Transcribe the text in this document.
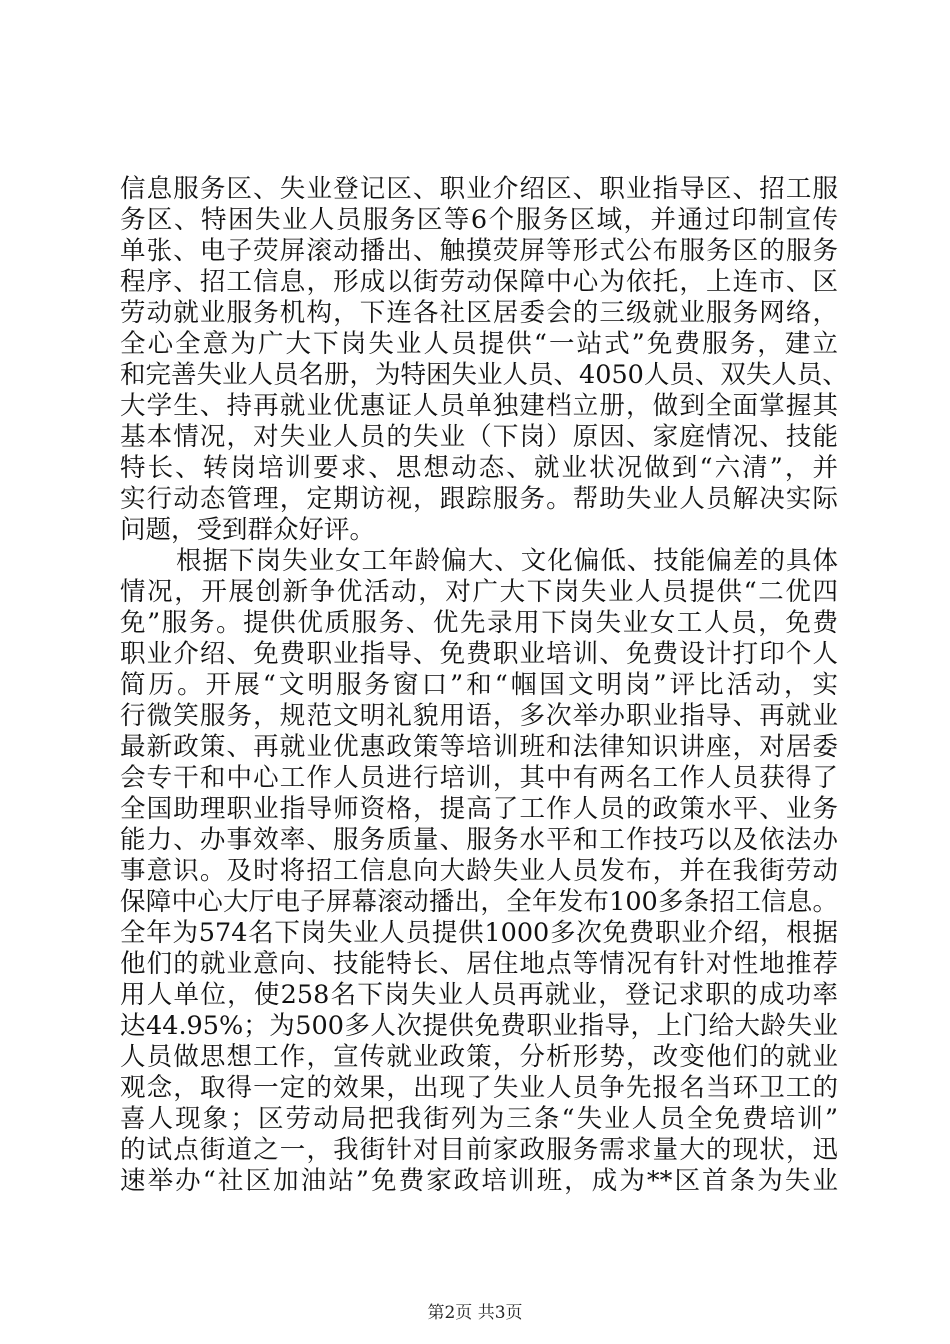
信息服务区、失业登记区、职业介绍区、职业指导区、招工服
务区、特困失业人员服务区等6个服务区域，并通过印制宣传
单张、电子荧屏滚动播出、触摸荧屏等形式公布服务区的服务
程序、招工信息，形成以街劳动保障中心为依托，上连市、区
劳动就业服务机构，下连各社区居委会的三级就业服务网络，
全心全意为广大下岗失业人员提供“一站式”免费服务，建立
和完善失业人员名册，为特困失业人员、4050人员、双失人员、
大学生、持再就业优惠证人员单独建档立册，做到全面掌握其
基本情况，对失业人员的失业（下岗）原因、家庭情况、技能
特长、转岗培训要求、思想动态、就业状况做到“六清”，并
实行动态管理，定期访视，跟踪服务。帮助失业人员解决实际
问题，受到群众好评。
根据下岗失业女工年龄偏大、文化偏低、技能偏差的具体
情况，开展创新争优活动，对广大下岗失业人员提供“二优四
免”服务。提供优质服务、优先录用下岗失业女工人员，免费
职业介绍、免费职业指导、免费职业培训、免费设计打印个人
简历。开展“文明服务窗口”和“帼国文明岗”评比活动，实
行微笑服务，规范文明礼貌用语，多次举办职业指导、再就业
最新政策、再就业优惠政策等培训班和法律知识讲座，对居委
会专干和中心工作人员进行培训，其中有两名工作人员获得了
全国助理职业指导师资格，提高了工作人员的政策水平、业务
能力、办事效率、服务质量、服务水平和工作技巧以及依法办
事意识。及时将招工信息向大龄失业人员发布，并在我街劳动
保障中心大厅电子屏幕滚动播出，全年发布100多条招工信息。
全年为574名下岗失业人员提供1000多次免费职业介绍，根据
他们的就业意向、技能特长、居住地点等情况有针对性地推荐
用人单位，使258名下岗失业人员再就业，登记求职的成功率
达44.95%；为500多人次提供免费职业指导，上门给大龄失业
人员做思想工作，宣传就业政策，分析形势，改变他们的就业
观念，取得一定的效果，出现了失业人员争先报名当环卫工的
喜人现象；区劳动局把我街列为三条“失业人员全免费培训”
的试点街道之一，我街针对目前家政服务需求量大的现状，迅
速举办“社区加油站”免费家政培训班，成为**区首条为失业
第2页 共3页
